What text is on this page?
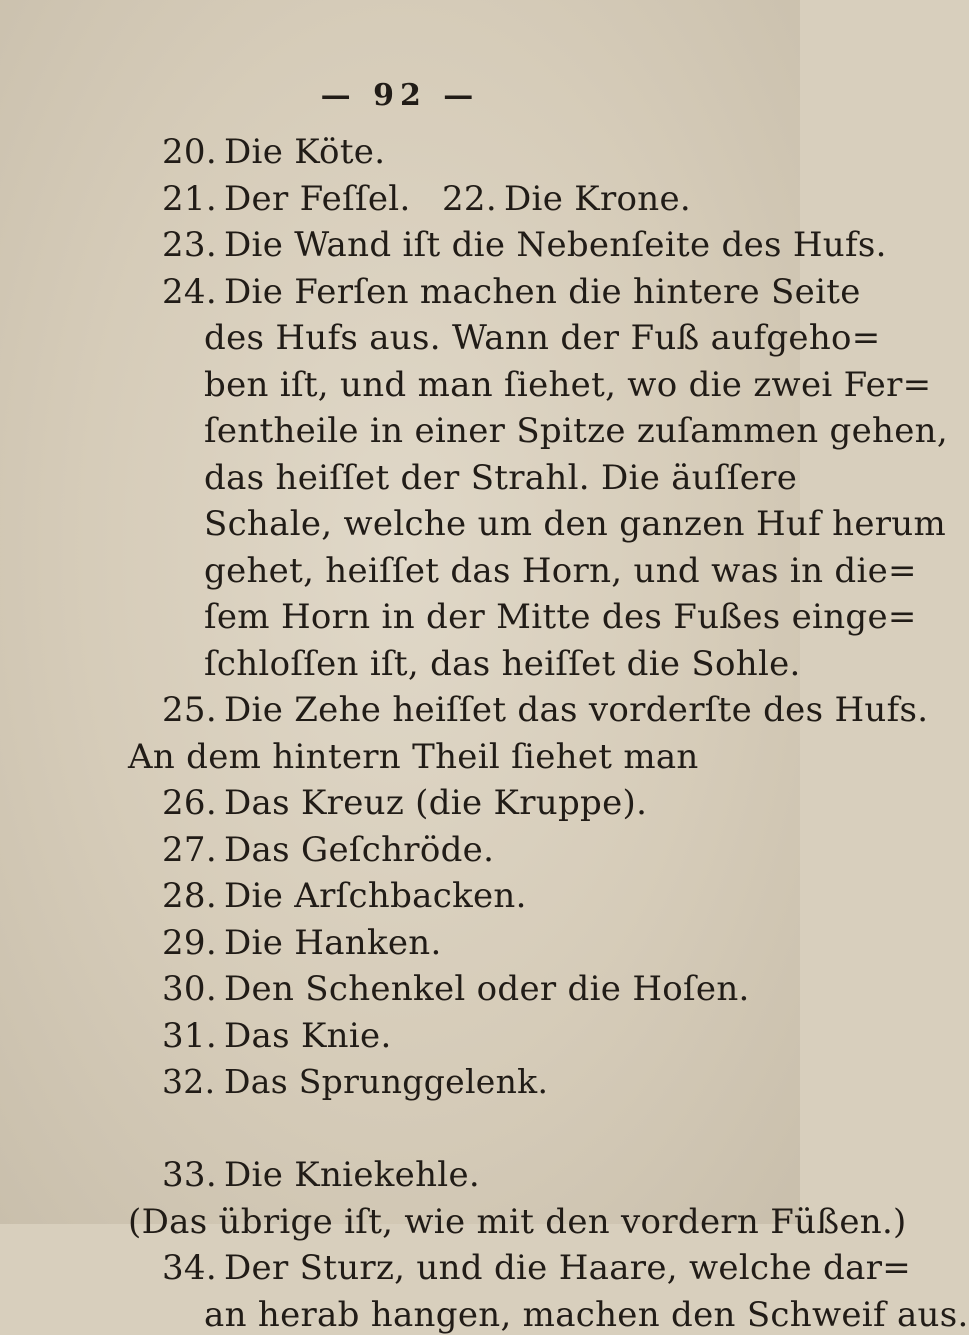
— 92 —
20. Die Köte.
21. Der Feſſel. 22. Die Krone.
23. Die Wand iſt die Nebenſeite des Hufs.
24. Die Ferſen machen die hintere Seite
des Hufs aus. Wann der Fuß aufgeho=
ben iſt, und man ſiehet, wo die zwei Fer=
ſentheile in einer Spitze zuſammen gehen,
das heiſſet der Strahl. Die äuſſere
Schale, welche um den ganzen Huf herum
gehet, heiſſet das Horn, und was in die=
ſem Horn in der Mitte des Fußes einge=
ſchloſſen iſt, das heiſſet die Sohle.
25. Die Zehe heiſſet das vorderſte des Hufs.
An dem hintern Theil ſiehet man
26. Das Kreuz (die Kruppe).
27. Das Geſchröde.
28. Die Arſchbacken.
29. Die Hanken.
30. Den Schenkel oder die Hoſen.
31. Das Knie.
32. Das Sprunggelenk.
33. Die Kniekehle.
(Das übrige iſt, wie mit den vordern Füßen.)
34. Der Sturz, und die Haare, welche dar=
an herab hangen, machen den Schweif aus.
